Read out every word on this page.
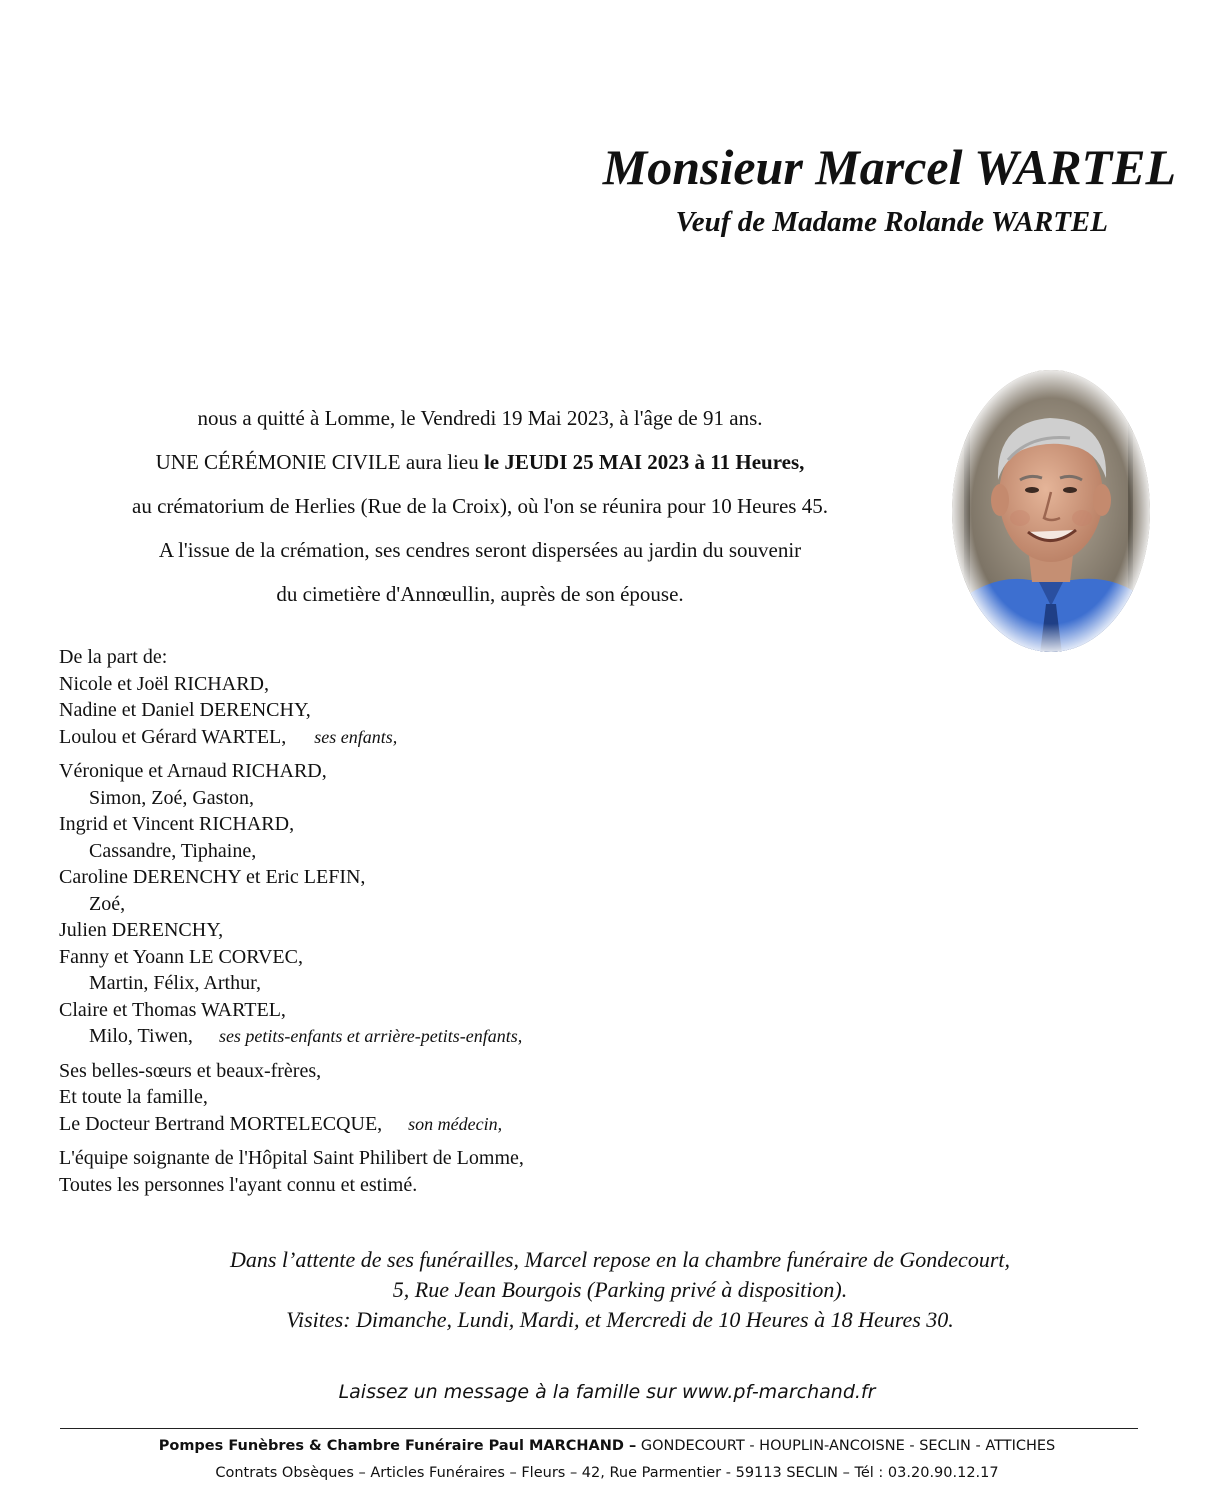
Monsieur Marcel WARTEL
Veuf de Madame Rolande WARTEL
nous a quitté à Lomme, le Vendredi 19 Mai 2023, à l'âge de 91 ans.
UNE CÉRÉMONIE CIVILE aura lieu le JEUDI 25 MAI 2023 à 11 Heures,
au crématorium de Herlies (Rue de la Croix), où l'on se réunira pour 10 Heures 45.
A l'issue de la crémation, ses cendres seront dispersées au jardin du souvenir
du cimetière d'Annœullin, auprès de son épouse.
De la part de:
Nicole et Joël RICHARD,
Nadine et Daniel DERENCHY,
Loulou et Gérard WARTEL, ses enfants,
Véronique et Arnaud RICHARD,
Simon, Zoé, Gaston,
Ingrid et Vincent RICHARD,
Cassandre, Tiphaine,
Caroline DERENCHY et Eric LEFIN,
Zoé,
Julien DERENCHY,
Fanny et Yoann LE CORVEC,
Martin, Félix, Arthur,
Claire et Thomas WARTEL,
Milo, Tiwen, ses petits-enfants et arrière-petits-enfants,
Ses belles-sœurs et beaux-frères,
Et toute la famille,
Le Docteur Bertrand MORTELECQUE, son médecin,
L'équipe soignante de l'Hôpital Saint Philibert de Lomme,
Toutes les personnes l'ayant connu et estimé.
Dans l’attente de ses funérailles, Marcel repose en la chambre funéraire de Gondecourt,
5, Rue Jean Bourgois (Parking privé à disposition).
Visites: Dimanche, Lundi, Mardi, et Mercredi de 10 Heures à 18 Heures 30.
Laissez un message à la famille sur www.pf-marchand.fr
Pompes Funèbres & Chambre Funéraire Paul MARCHAND – GONDECOURT - HOUPLIN-ANCOISNE - SECLIN - ATTICHES
Contrats Obsèques – Articles Funéraires – Fleurs – 42, Rue Parmentier - 59113 SECLIN – Tél : 03.20.90.12.17
